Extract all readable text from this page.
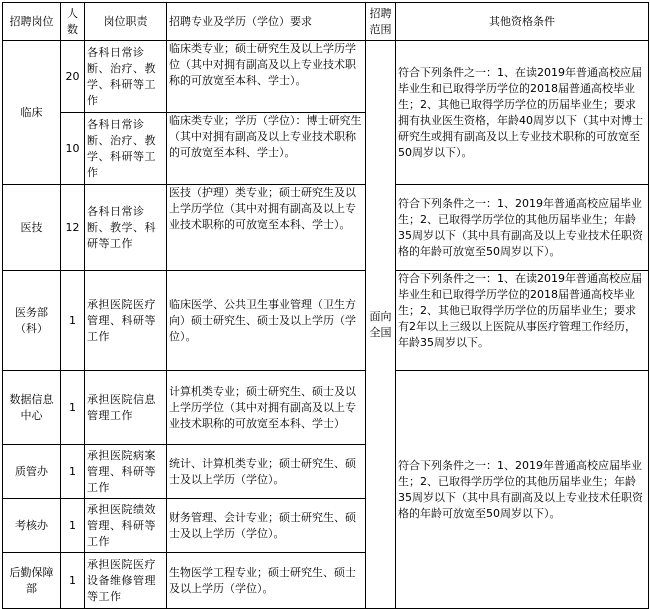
招聘岗位	人数	岗位职责	招聘专业及学历（学位）要求	招聘范围	其他资格条件
临床	20	各科日常诊断、治疗、教学、科研等工作	临床类专业；硕士研究生及以上学历学位（其中对拥有副高及以上专业技术职称的可放宽至本科、学士）。	面向全国	符合下列条件之一：1、在读2019年普通高校应届毕业生和已取得学历学位的2018届普通高校毕业生；2、其他已取得学历学位的历届毕业生；要求拥有执业医生资格，年龄40周岁以下（其中对博士研究生或拥有副高及以上专业技术职称的可放宽至50周岁以下）。
	10	各科日常诊断、治疗、教学、科研等工作	临床类专业；学历（学位）：博士研究生（其中对拥有副高及以上专业技术职称的可放宽至本科、学士）。		
医技	12	各科日常诊断、教学、科研等工作	医技（护理）类专业；硕士研究生及以上学历学位（其中对拥有副高及以上专业技术职称的可放宽至本科、学士）。		符合下列条件之一：1、2019年普通高校应届毕业生；2、已取得学历学位的其他历届毕业生；年龄35周岁以下（其中具有副高及以上专业技术任职资格的年龄可放宽至50周岁以下）。
医务部（科）	1	承担医院医疗管理、科研等工作	临床医学、公共卫生事业管理（卫生方向）硕士研究生、硕士及以上学历（学位）。		符合下列条件之一：1、在读2019年普通高校应届毕业生和已取得学历学位的2018届普通高校毕业生；2、其他已取得学历学位的历届毕业生；要求有2年以上三级以上医院从事医疗管理工作经历，年龄35周岁以下。
数据信息中心	1	承担医院信息管理工作	计算机类专业；硕士研究生、硕士及以上学历学位（其中对拥有副高及以上专业技术职称的可放宽至本科、学士）		符合下列条件之一：1、2019年普通高校应届毕业生；2、已取得学历学位的其他历届毕业生；年龄35周岁以下（其中具有副高及以上专业技术任职资格的年龄可放宽至50周岁以下）。
质管办	1	承担医院病案管理、科研等工作	统计、计算机类专业；硕士研究生、硕士及以上学历（学位）。		
考核办	1	承担医院绩效管理、科研等工作	财务管理、会计专业；硕士研究生、硕士及以上学历（学位）。		
后勤保障部	1	承担医院医疗设备维修管理等工作	生物医学工程专业；硕士研究生、硕士及以上学历（学位）。		
